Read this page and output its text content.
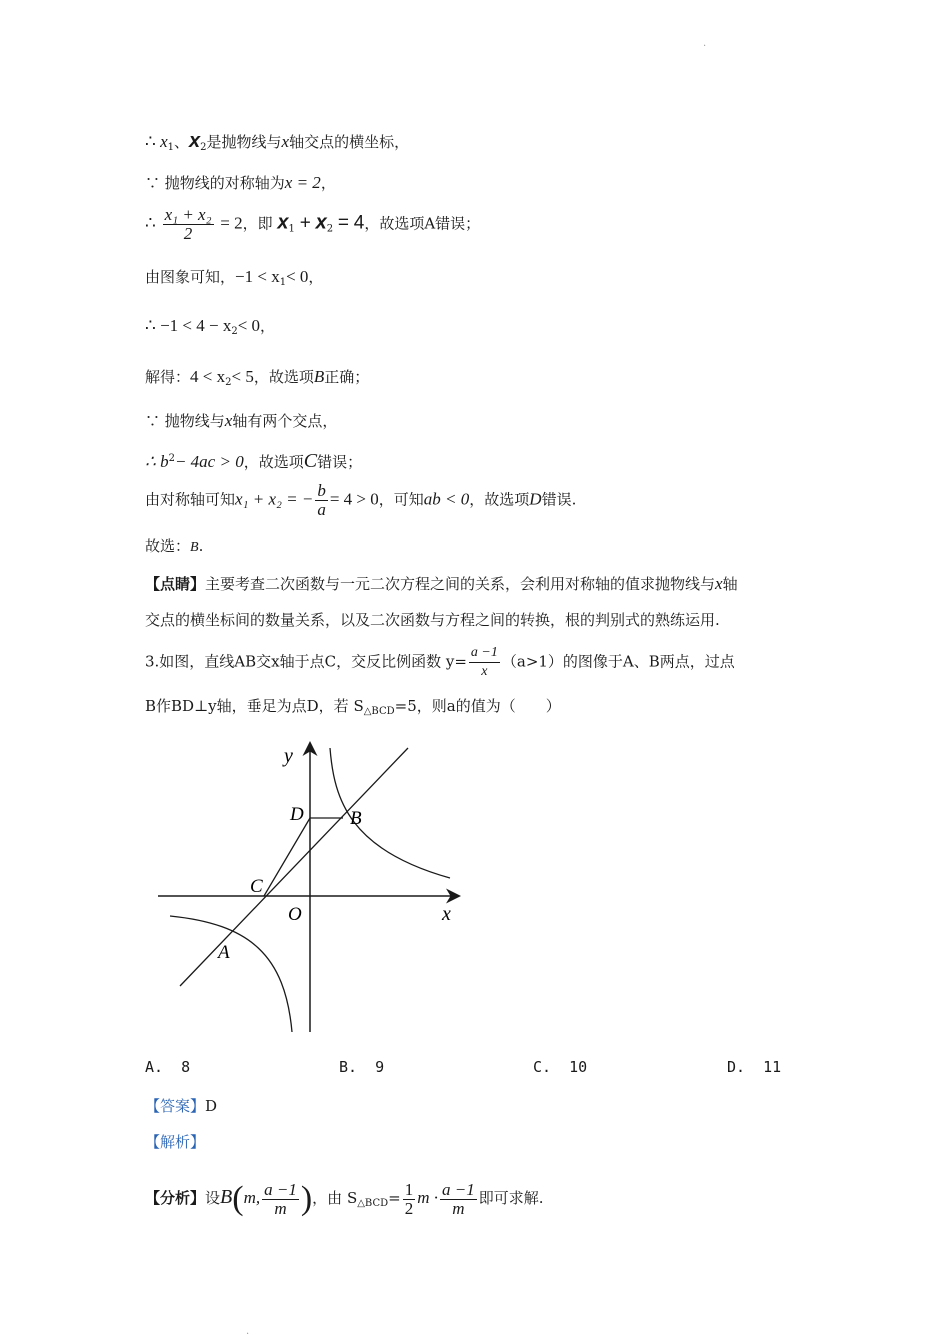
.
∴ $x_1$、$x_2$是抛物线与x轴交点的横坐标，
∵ 抛物线的对称轴为x = 2，
∴ $\frac{\text{x₁ + x₂}}{2} = 2$，即 $x_1 + x_2 = 4$，故选项A错误；
由图象可知，$-1 < x_1< 0$，
∴ $-1 < 4 - x_2< 0$，
解得：$4 < x_2< 5$，故选项B正确；
∵ 抛物线与x轴有两个交点，
∴ $b^2- 4ac > 0$，故选项C错误；
由对称轴可知x₁ + x₂ = − $\frac{b}{a} = 4 > 0$，可知ab < 0，故选项D错误.
故选：B.
【点睛】主要考查二次函数与一元二次方程之间的关系，会利用对称轴的值求抛物线与x轴
交点的横坐标间的数量关系，以及二次函数与方程之间的转换，根的判别式的熟练运用.
3.如图，直线AB交x轴于点C，交反比例函数 $y= \frac{a -1}{x} (a>1)$的图像于A、B两点，过点
B作BD⊥y轴，垂足为点D，若 $S_{\triangle BCD}=5$，则a的值为（　　）
y
x
O
C
D B
A
A. 8	B. 9	C. 10	D. 11
【答案】D
【解析】
【分析】设B(m, $\frac{a -1}{m}$ )，由 $S_{\triangle BCD}= \frac{1}{2}$ $m \cdot \frac{a -1}{m}$ 即可求解.
.
